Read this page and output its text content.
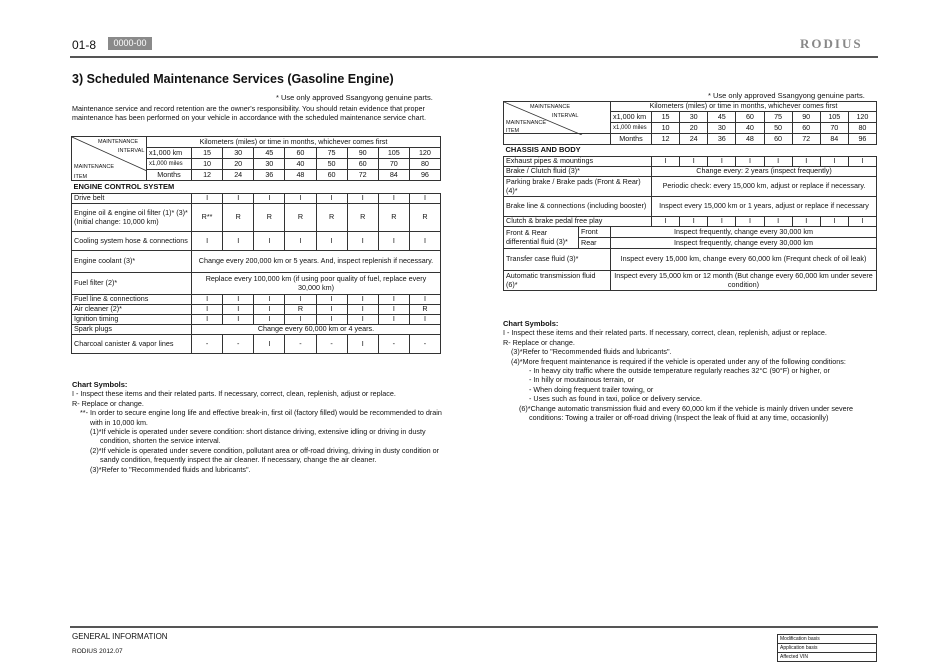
01-8	0000-00	RODIUS
3) Scheduled Maintenance Services (Gasoline Engine)
* Use only approved Ssangyong genuine parts.
Maintenance service and record retention are the owner's responsibility. You should retain evidence that proper maintenance has been performed on your vehicle in accordance with the scheduled maintenance service chart.
MAINTENANCE
INTERVAL
MAINTENANCE
ITEM	Kilometers (miles) or time in months, whichever comes first								
	x1,000 km	15	30	45	60	75	90	105	120
	x1,000 miles	10	20	30	40	50	60	70	80
	Months	12	24	36	48	60	72	84	96
ENGINE CONTROL SYSTEM									
Drive belt		I	I	I	I	I	I	I	I
Engine oil & engine oil filter (1)* (3)* (Initial change: 10,000 km)		R**	R	R	R	R	R	R	R
Cooling system hose & connections		I	I	I	I	I	I	I	I
Engine coolant (3)*		Change every 200,000 km or 5 years. And, inspect replenish if necessary.							
Fuel filter (2)*		Replace every 100,000 km (if using poor quality of fuel, replace every 30,000 km)							
Fuel line & connections		I	I	I	I	I	I	I	I
Air cleaner (2)*		I	I	I	R	I	I	I	R
Ignition timing		I	I	I	I	I	I	I	I
Spark plugs		Change every 60,000 km or 4 years.							
Charcoal canister & vapor lines		-	-	I	-	-	I	-	-
Chart Symbols:
I - Inspect these items and their related parts. If necessary, correct, clean, replenish, adjust or replace.
R- Replace or change.
**- In order to secure engine long life and effective break-in, first oil (factory filled) would be recommended to drain with in 10,000 km.
(1)*If vehicle is operated under severe condition: short distance driving, extensive idling or driving in dusty condition, shorten the service interval.
(2)*If vehicle is operated under severe condition, pollutant area or off-road driving, driving in dusty condition or sandy condition, frequently inspect the air cleaner. If necessary, change the air cleaner.
(3)*Refer to "Recommended fluids and lubricants".
* Use only approved Ssangyong genuine parts.
MAINTENANCE
INTERVAL
MAINTENANCE
ITEM		Kilometers (miles) or time in months, whichever comes first								
		x1,000 km	15	30	45	60	75	90	105	120
		x1,000 miles	10	20	30	40	50	60	70	80
		Months	12	24	36	48	60	72	84	96
CHASSIS AND BODY										
Exhaust pipes & mountings			I	I	I	I	I	I	I	I
Brake / Clutch fluid (3)*			Change every: 2 years (inspect frequently)							
Parking brake / Brake pads (Front & Rear) (4)*			Periodic check: every 15,000 km, adjust or replace if necessary.							
Brake line & connections (including booster)			Inspect every 15,000 km or 1 years, adjust or replace if necessary							
Clutch & brake pedal free play			I	I	I	I	I	I	I	I
Front & Rear differential fluid (3)*	Front	Inspect frequently, change every 30,000 km								
	Rear	Inspect frequently, change every 30,000 km								
Transfer case fluid (3)*		Inspect every 15,000 km, change every 60,000 km (Frequnt check of oil leak)								
Automatic transmission fluid (6)*		Inspect every 15,000 km or 12 month (But change every 60,000 km under severe condition)								
Chart Symbols:
I - Inspect these items and their related parts. If necessary, correct, clean, replenish, adjust or replace.
R- Replace or change.
(3)*Refer to "Recommended fluids and lubricants".
(4)*More frequent maintenance is required if the vehicle is operated under any of the following conditions:
- In heavy city traffic where the outside temperature regularly reaches 32°C (90°F) or higher, or
- In hilly or moutainous terrain, or
- When doing frequent trailer towing, or
- Uses such as found in taxi, police or delivery service.
(6)*Change automatic transmission fluid and every 60,000 km if the vehicle is mainly driven under severe conditions: Towing a trailer or off-road driving (Inspect the leak of fluid at any time, occasionlly)
GENERAL INFORMATION
RODIUS 2012.07
Modification basis
Application basis
Affected VIN
